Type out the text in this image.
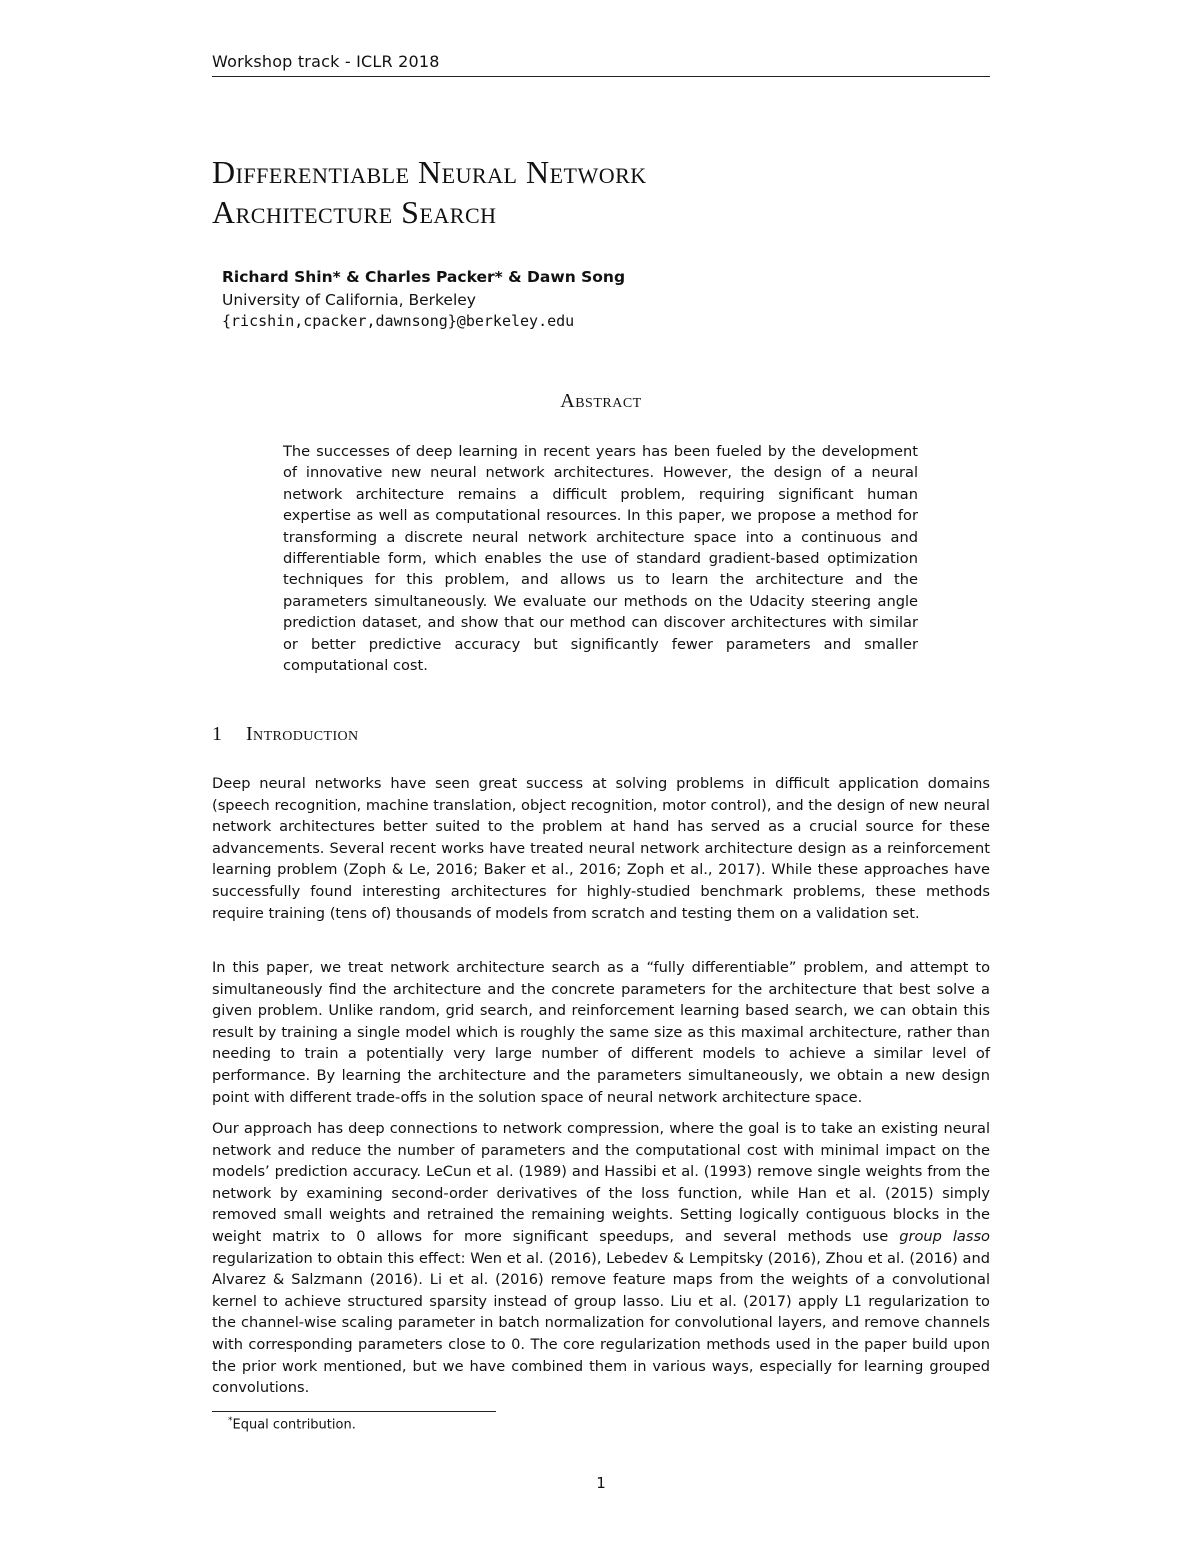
Workshop track - ICLR 2018
Differentiable Neural Network
Architecture Search
Richard Shin* & Charles Packer* & Dawn Song
University of California, Berkeley
{ricshin,cpacker,dawnsong}@berkeley.edu
Abstract
The successes of deep learning in recent years has been fueled by the development of innovative new neural network architectures. However, the design of a neural network architecture remains a difficult problem, requiring significant human expertise as well as computational resources. In this paper, we propose a method for transforming a discrete neural network architecture space into a continuous and differentiable form, which enables the use of standard gradient-based optimization techniques for this problem, and allows us to learn the architecture and the parameters simultaneously. We evaluate our methods on the Udacity steering angle prediction dataset, and show that our method can discover architectures with similar or better predictive accuracy but significantly fewer parameters and smaller computational cost.
1 Introduction
Deep neural networks have seen great success at solving problems in difficult application domains (speech recognition, machine translation, object recognition, motor control), and the design of new neural network architectures better suited to the problem at hand has served as a crucial source for these advancements. Several recent works have treated neural network architecture design as a reinforcement learning problem (Zoph & Le, 2016; Baker et al., 2016; Zoph et al., 2017). While these approaches have successfully found interesting architectures for highly-studied benchmark problems, these methods require training (tens of) thousands of models from scratch and testing them on a validation set.
In this paper, we treat network architecture search as a “fully differentiable” problem, and attempt to simultaneously find the architecture and the concrete parameters for the architecture that best solve a given problem. Unlike random, grid search, and reinforcement learning based search, we can obtain this result by training a single model which is roughly the same size as this maximal architecture, rather than needing to train a potentially very large number of different models to achieve a similar level of performance. By learning the architecture and the parameters simultaneously, we obtain a new design point with different trade-offs in the solution space of neural network architecture space.
Our approach has deep connections to network compression, where the goal is to take an existing neural network and reduce the number of parameters and the computational cost with minimal impact on the models’ prediction accuracy. LeCun et al. (1989) and Hassibi et al. (1993) remove single weights from the network by examining second-order derivatives of the loss function, while Han et al. (2015) simply removed small weights and retrained the remaining weights. Setting logically contiguous blocks in the weight matrix to 0 allows for more significant speedups, and several methods use group lasso regularization to obtain this effect: Wen et al. (2016), Lebedev & Lempitsky (2016), Zhou et al. (2016) and Alvarez & Salzmann (2016). Li et al. (2016) remove feature maps from the weights of a convolutional kernel to achieve structured sparsity instead of group lasso. Liu et al. (2017) apply L1 regularization to the channel-wise scaling parameter in batch normalization for convolutional layers, and remove channels with corresponding parameters close to 0. The core regularization methods used in the paper build upon the prior work mentioned, but we have combined them in various ways, especially for learning grouped convolutions.
*Equal contribution.
1
